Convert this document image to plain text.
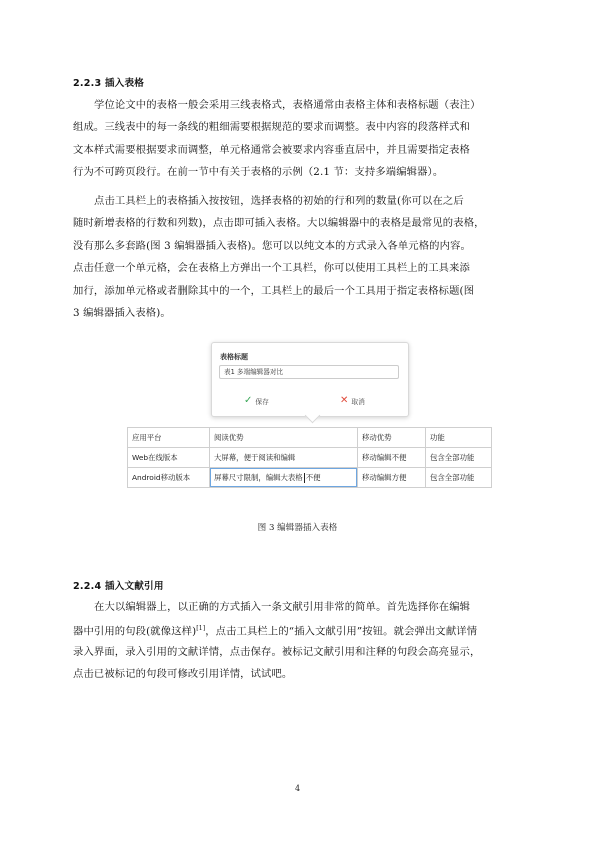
2.2.3 插入表格
学位论文中的表格一般会采用三线表格式，表格通常由表格主体和表格标题（表注）
组成。三线表中的每一条线的粗细需要根据规范的要求而调整。表中内容的段落样式和
文本样式需要根据要求而调整，单元格通常会被要求内容垂直居中，并且需要指定表格
行为不可跨页段行。在前一节中有关于表格的示例（2.1 节：支持多端编辑器）。
点击工具栏上的表格插入按按钮，选择表格的初始的行和列的数量(你可以在之后
随时新增表格的行数和列数)，点击即可插入表格。大以编辑器中的表格是最常见的表格，
没有那么多套路(图 3 编辑器插入表格)。您可以以纯文本的方式录入各单元格的内容。
点击任意一个单元格，会在表格上方弹出一个工具栏，你可以使用工具栏上的工具来添
加行，添加单元格或者删除其中的一个，工具栏上的最后一个工具用于指定表格标题(图
3 编辑器插入表格)。
表格标题
表1 多端编辑器对比
✓ 保存	✕ 取消
应用平台	阅读优势	移动优势	功能
Web在线版本	大屏幕，便于阅读和编辑	移动编辑不便	包含全部功能
Android移动版本	屏幕尺寸限制，编辑大表格 不便	移动编辑方便	包含全部功能
图 3 编辑器插入表格
2.2.4 插入文献引用
在大以编辑器上，以正确的方式插入一条文献引用非常的简单。首先选择你在编辑
器中引用的句段(就像这样)[1]，点击工具栏上的“插入文献引用”按钮。就会弹出文献详情
录入界面，录入引用的文献详情，点击保存。被标记文献引用和注释的句段会高亮显示，
点击已被标记的句段可修改引用详情，试试吧。
4
